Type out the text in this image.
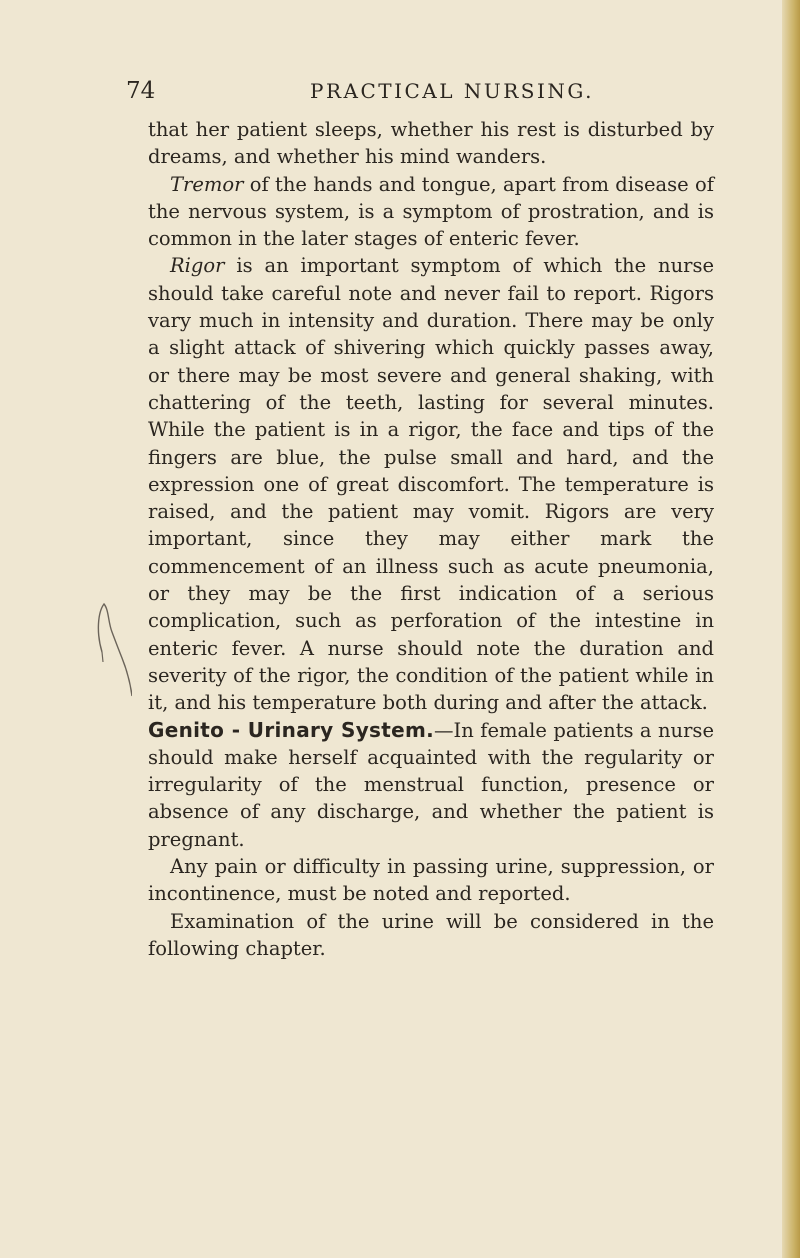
74	PRACTICAL NURSING.

that her patient sleeps, whether his rest is disturbed by dreams, and whether his mind wanders.

Tremor of the hands and tongue, apart from disease of the nervous system, is a symptom of prostration, and is common in the later stages of enteric fever.

Rigor is an important symptom of which the nurse should take careful note and never fail to report. Rigors vary much in intensity and duration. There may be only a slight attack of shivering which quickly passes away, or there may be most severe and general shaking, with chattering of the teeth, lasting for several minutes. While the patient is in a rigor, the face and tips of the fingers are blue, the pulse small and hard, and the expression one of great discomfort. The temperature is raised, and the patient may vomit. Rigors are very important, since they may either mark the commencement of an illness such as acute pneumonia, or they may be the first indication of a serious complication, such as perforation of the intestine in enteric fever. A nurse should note the duration and severity of the rigor, the condition of the patient while in it, and his temperature both during and after the attack.

Genito - Urinary System.—In female patients a nurse should make herself acquainted with the regularity or irregularity of the menstrual function, presence or absence of any discharge, and whether the patient is pregnant.

Any pain or difficulty in passing urine, suppression, or incontinence, must be noted and reported.

Examination of the urine will be considered in the following chapter.
